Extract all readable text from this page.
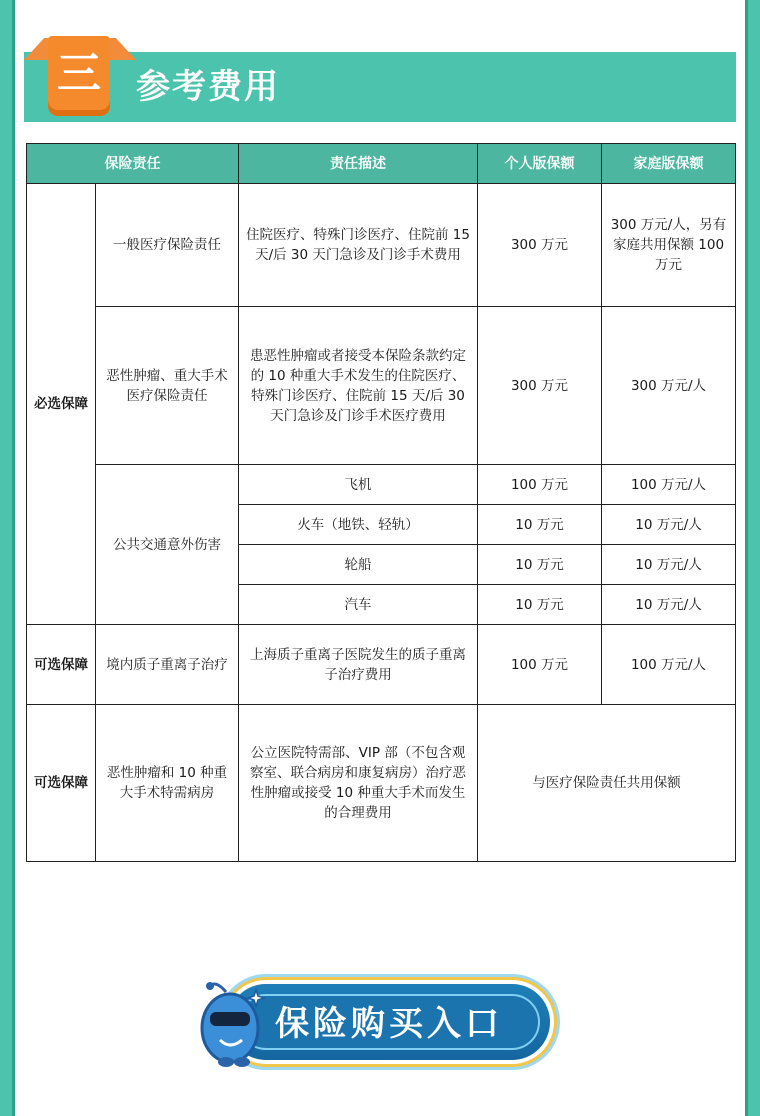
三 参考费用
保险责任		责任描述	个人版保额	家庭版保额
必选保障	一般医疗保险责任	住院医疗、特殊门诊医疗、住院前 15 天/后 30 天门急诊及门诊手术费用	300 万元	300 万元/人，另有家庭共用保额 100 万元
	恶性肿瘤、重大手术医疗保险责任	患恶性肿瘤或者接受本保险条款约定的 10 种重大手术发生的住院医疗、特殊门诊医疗、住院前 15 天/后 30 天门急诊及门诊手术医疗费用	300 万元	300 万元/人
	公共交通意外伤害	飞机	100 万元	100 万元/人
		火车（地铁、轻轨）	10 万元	10 万元/人
		轮船	10 万元	10 万元/人
		汽车	10 万元	10 万元/人

可选保障	境内质子重离子治疗	上海质子重离子医院发生的质子重离子治疗费用	100 万元	100 万元/人
可选保障	恶性肿瘤和 10 种重大手术特需病房	公立医院特需部、VIP 部（不包含观察室、联合病房和康复病房）治疗恶性肿瘤或接受 10 种重大手术而发生的合理费用	与医疗保险责任共用保额	
保险购买入口
